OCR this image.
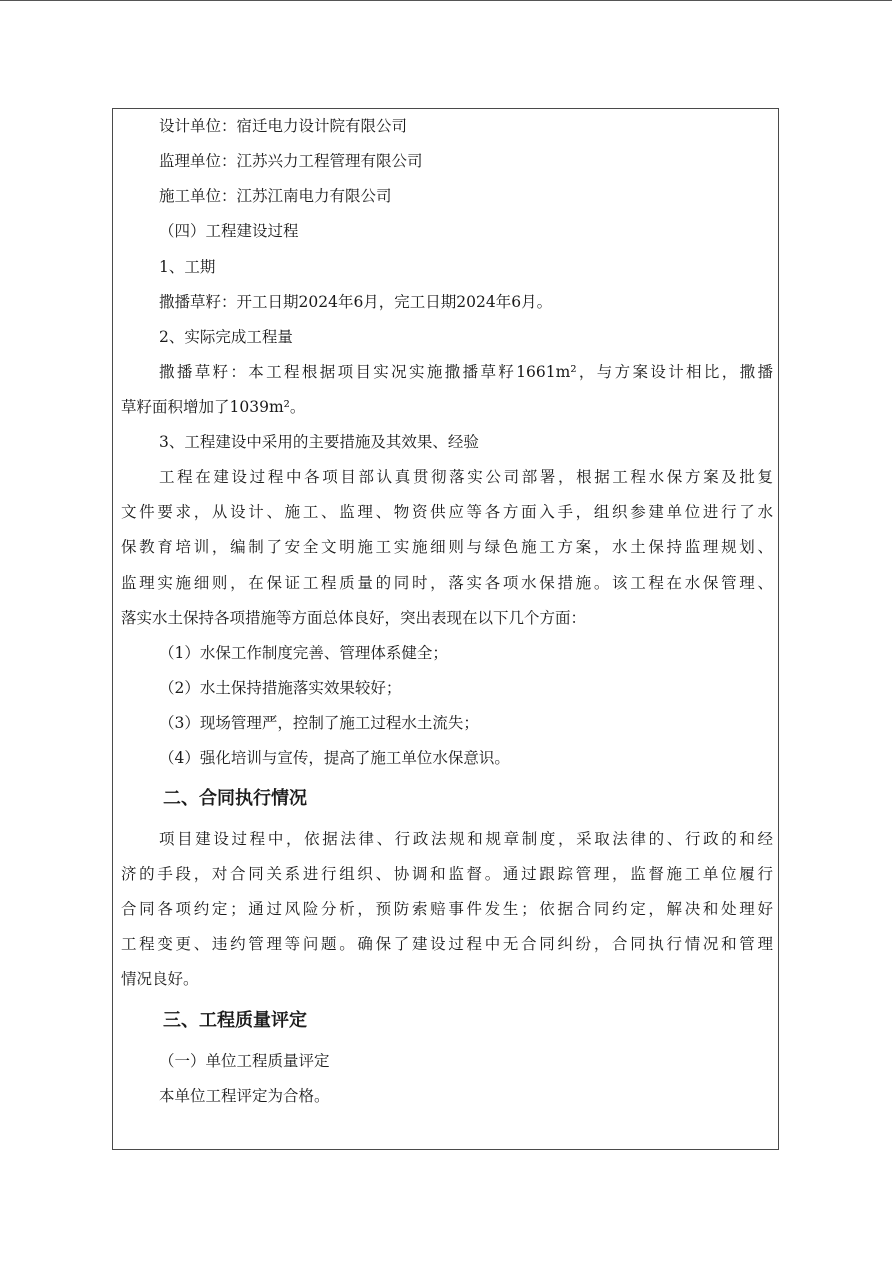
设计单位：宿迁电力设计院有限公司
监理单位：江苏兴力工程管理有限公司
施工单位：江苏江南电力有限公司
（四）工程建设过程
1、工期
撒播草籽：开工日期2024年6月，完工日期2024年6月。
2、实际完成工程量
撒播草籽：本工程根据项目实况实施撒播草籽1661m²，与方案设计相比，撒播
草籽面积增加了1039m²。
3、工程建设中采用的主要措施及其效果、经验
工程在建设过程中各项目部认真贯彻落实公司部署，根据工程水保方案及批复
文件要求，从设计、施工、监理、物资供应等各方面入手，组织参建单位进行了水
保教育培训，编制了安全文明施工实施细则与绿色施工方案，水土保持监理规划、
监理实施细则，在保证工程质量的同时，落实各项水保措施。该工程在水保管理、
落实水土保持各项措施等方面总体良好，突出表现在以下几个方面：
（1）水保工作制度完善、管理体系健全；
（2）水土保持措施落实效果较好；
（3）现场管理严，控制了施工过程水土流失；
（4）强化培训与宣传，提高了施工单位水保意识。
二、合同执行情况
项目建设过程中，依据法律、行政法规和规章制度，采取法律的、行政的和经
济的手段，对合同关系进行组织、协调和监督。通过跟踪管理，监督施工单位履行
合同各项约定；通过风险分析，预防索赔事件发生；依据合同约定，解决和处理好
工程变更、违约管理等问题。确保了建设过程中无合同纠纷，合同执行情况和管理
情况良好。
三、工程质量评定
（一）单位工程质量评定
本单位工程评定为合格。
